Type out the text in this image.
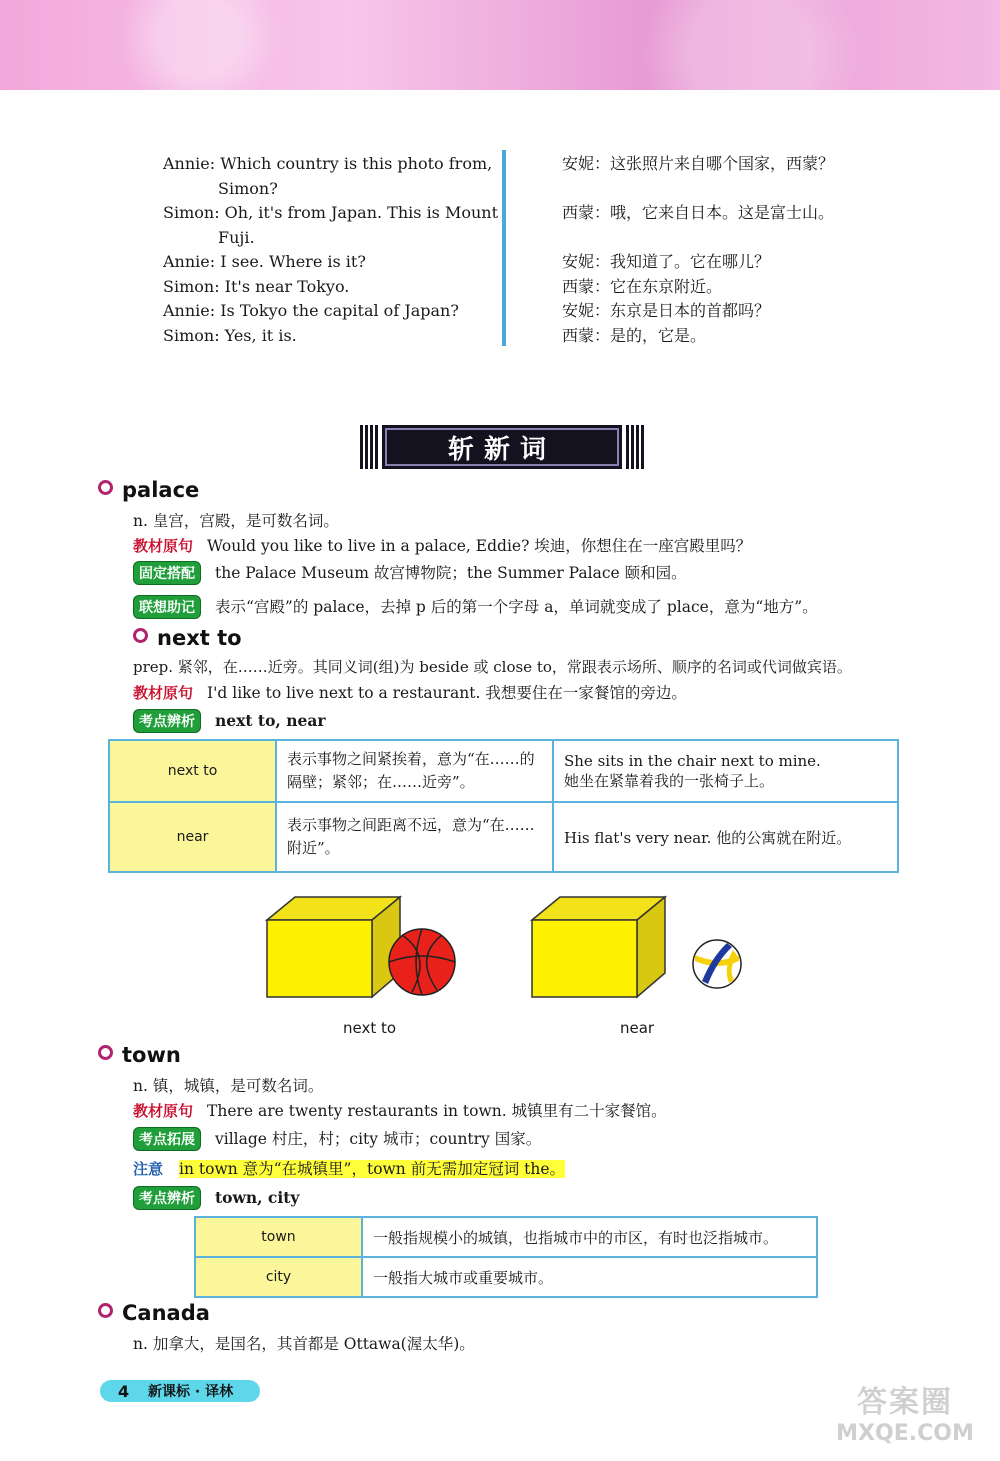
Annie: Which country is this photo from,
Simon?
Simon: Oh, it's from Japan. This is Mount
Fuji.
Annie: I see. Where is it?
Simon: It's near Tokyo.
Annie: Is Tokyo the capital of Japan?
Simon: Yes, it is.
安妮：这张照片来自哪个国家，西蒙？
西蒙：哦，它来自日本。这是富士山。
安妮：我知道了。它在哪儿？
西蒙：它在东京附近。
安妮：东京是日本的首都吗？
西蒙：是的，它是。
斩新词
palace
n. 皇宫，宫殿，是可数名词。
教材原句 Would you like to live in a palace, Eddie? 埃迪，你想住在一座宫殿里吗？
固定搭配 the Palace Museum 故宫博物院；the Summer Palace 颐和园。
联想助记 表示“宫殿”的 palace，去掉 p 后的第一个字母 a，单词就变成了 place，意为“地方”。
next to
prep. 紧邻，在……近旁。其同义词(组)为 beside 或 close to，常跟表示场所、顺序的名词或代词做宾语。
教材原句 I'd like to live next to a restaurant. 我想要住在一家餐馆的旁边。
考点辨析 next to, near
next to	表示事物之间紧挨着，意为“在……的隔壁；紧邻；在……近旁”。	She sits in the chair next to mine.
她坐在紧靠着我的一张椅子上。

near	表示事物之间距离不远，意为“在……附近”。	His flat's very near. 他的公寓就在附近。
next to	near
town
n. 镇，城镇，是可数名词。
教材原句 There are twenty restaurants in town. 城镇里有二十家餐馆。
考点拓展 village 村庄，村；city 城市；country 国家。
注意 in town 意为“在城镇里”，town 前无需加定冠词 the。
考点辨析 town, city
town	一般指规模小的城镇，也指城市中的市区，有时也泛指城市。
city	一般指大城市或重要城市。
Canada
n. 加拿大，是国名，其首都是 Ottawa(渥太华)。
4	新课标 · 译林	答案圈
MXQE.COM
